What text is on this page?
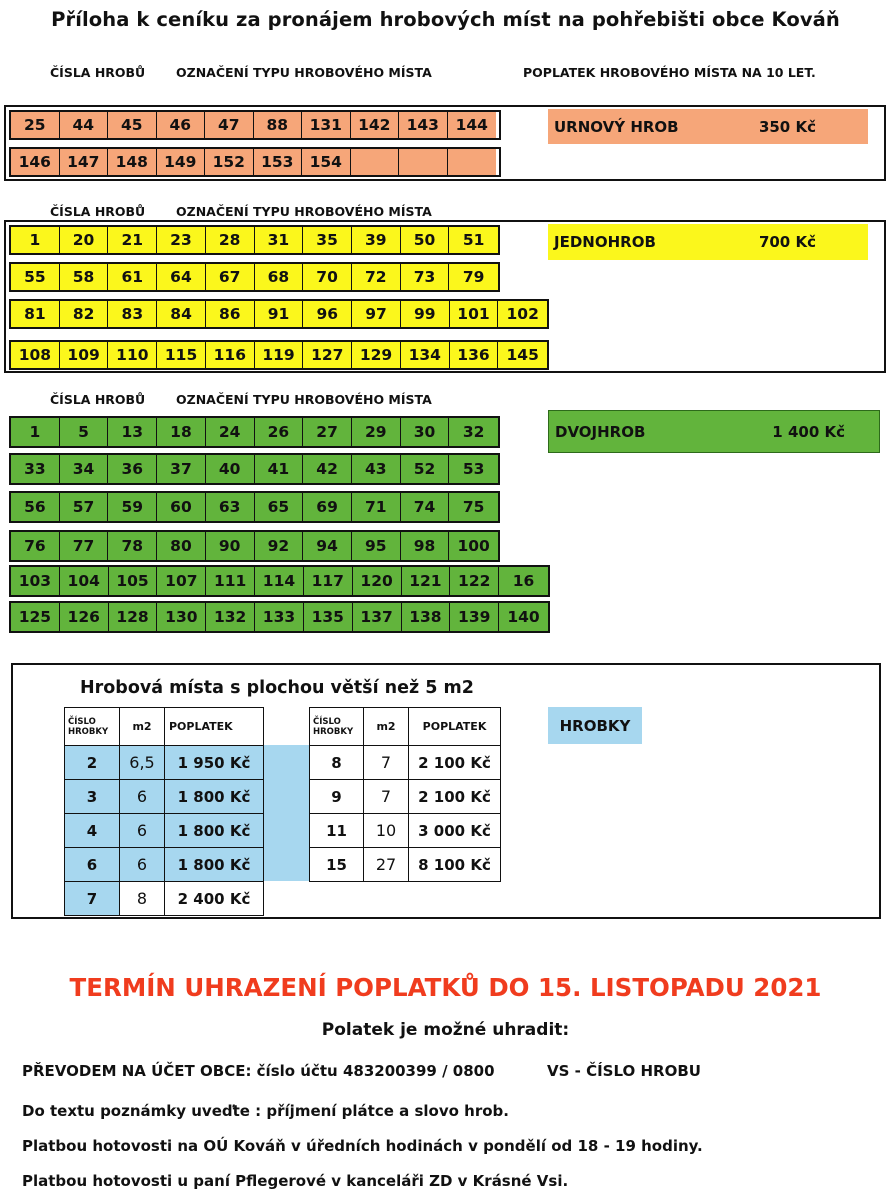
Příloha k ceníku za pronájem hrobových míst na pohřebišti obce Kováň
ČÍSLA HROBŮ OZNAČENÍ TYPU HROBOVÉHO MÍSTA	POPLATEK HROBOVÉHO MÍSTA NA 10 LET.
25	44	45	46	47	88	131	142	143	144
146	147	148	149	152	153	154
URNOVÝ HROB	350 Kč
ČÍSLA HROBŮ OZNAČENÍ TYPU HROBOVÉHO MÍSTA
1	20	21	23	28	31	35	39	50	51
55	58	61	64	67	68	70	72	73	79
81	82	83	84	86	91	96	97	99	101	102
108	109	110	115	116	119	127	129	134	136	145
JEDNOHROB	700 Kč
ČÍSLA HROBŮ OZNAČENÍ TYPU HROBOVÉHO MÍSTA
1	5	13	18	24	26	27	29	30	32
33	34	36	37	40	41	42	43	52	53
56	57	59	60	63	65	69	71	74	75
76	77	78	80	90	92	94	95	98	100
103	104	105	107	111	114	117	120	121	122	16
125	126	128	130	132	133	135	137	138	139	140
DVOJHROB	1 400 Kč
Hrobová místa s plochou větší než 5 m2
HROBKY
ČÍSLO HROBKY	m2	POPLATEK
2	6,5	1 950 Kč
3	6	1 800 Kč
4	6	1 800 Kč
6	6	1 800 Kč
7	8	2 400 Kč
ČÍSLO HROBKY	m2	POPLATEK
8	7	2 100 Kč
9	7	2 100 Kč
11	10	3 000 Kč
15	27	8 100 Kč
TERMÍN UHRAZENÍ POPLATKŮ DO 15. LISTOPADU 2021
Polatek je možné uhradit:
PŘEVODEM NA ÚČET OBCE: číslo účtu 483200399 / 0800	VS - ČÍSLO HROBU
Do textu poznámky uveďte : příjmení plátce a slovo hrob.
Platbou hotovosti na OÚ Kováň v úředních hodinách v pondělí od 18 - 19 hodiny.
Platbou hotovosti u paní Pflegerové v kanceláři ZD v Krásné Vsi.
